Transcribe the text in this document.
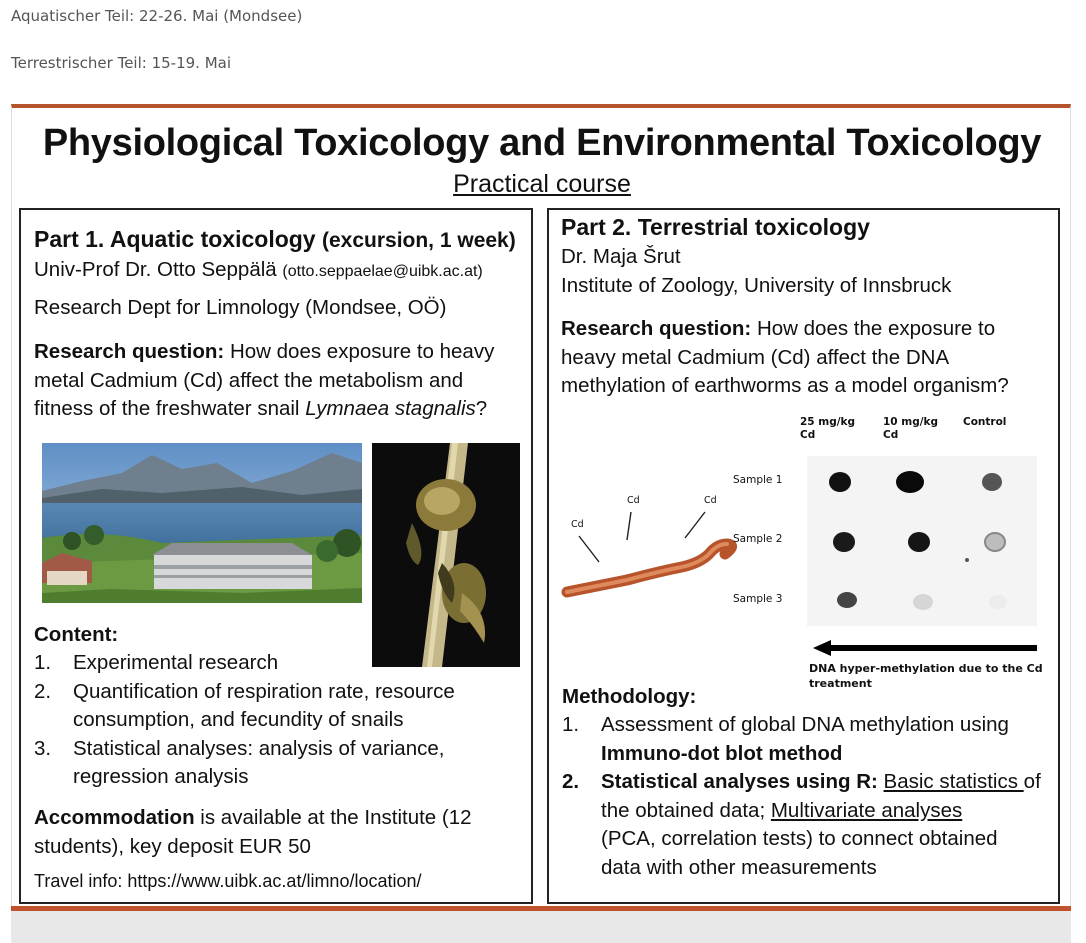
Aquatischer Teil: 22-26. Mai (Mondsee)
Terrestrischer Teil: 15-19. Mai
Physiological Toxicology and Environmental Toxicology
Practical course
Part 1. Aquatic toxicology (excursion, 1 week)
Univ-Prof Dr. Otto Seppälä (otto.seppaelae@uibk.ac.at)
Research Dept for Limnology (Mondsee, OÖ)
Research question: How does exposure to heavy
metal Cadmium (Cd) affect the metabolism and
fitness of the freshwater snail Lymnaea stagnalis?
Content:
1. Experimental research
2. Quantification of respiration rate, resource
consumption, and fecundity of snails
3. Statistical analyses: analysis of variance,
regression analysis
Accommodation is available at the Institute (12
students), key deposit EUR 50
Travel info: https://www.uibk.ac.at/limno/location/
Part 2. Terrestrial toxicology
Dr. Maja Šrut
Institute of Zoology, University of Innsbruck
Research question: How does the exposure to
heavy metal Cadmium (Cd) affect the DNA
methylation of earthworms as a model organism?
25 mg/kg
Cd
10 mg/kg
Cd
Control
Sample 1
Sample 2
Sample 3
Cd
Cd	Cd
DNA hyper-methylation due to the Cd
treatment
Methodology:
1. Assessment of global DNA methylation using
Immuno-dot blot method
2. Statistical analyses using R: Basic statistics of
the obtained data; Multivariate analyses
(PCA, correlation tests) to connect obtained
data with other measurements
